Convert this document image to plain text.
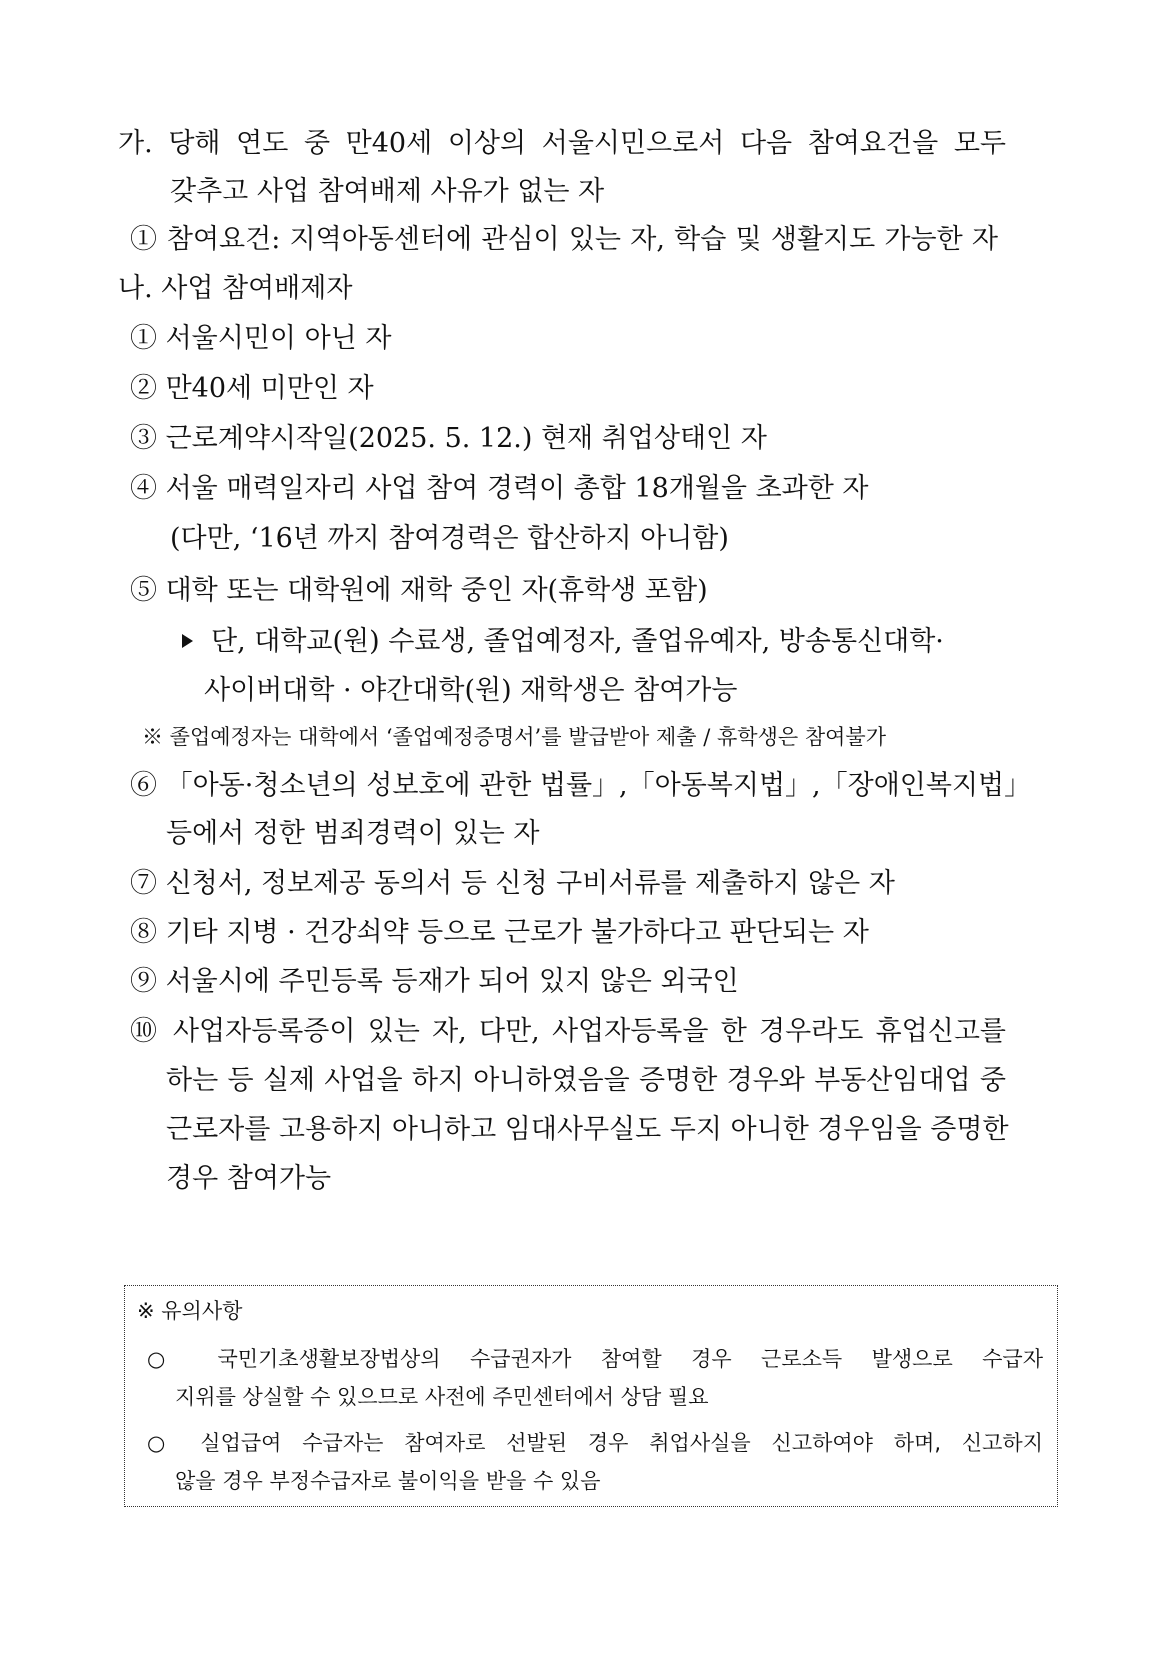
가. 당해 연도 중 만40세 이상의 서울시민으로서 다음 참여요건을 모두
갖추고 사업 참여배제 사유가 없는 자
① 참여요건: 지역아동센터에 관심이 있는 자, 학습 및 생활지도 가능한 자
나. 사업 참여배제자
① 서울시민이 아닌 자
② 만40세 미만인 자
③ 근로계약시작일(2025. 5. 12.) 현재 취업상태인 자
④ 서울 매력일자리 사업 참여 경력이 총합 18개월을 초과한 자
(다만, ‘16년 까지 참여경력은 합산하지 아니함)
⑤ 대학 또는 대학원에 재학 중인 자(휴학생 포함)
단, 대학교(원) 수료생, 졸업예정자, 졸업유예자, 방송통신대학·
사이버대학 · 야간대학(원) 재학생은 참여가능
※ 졸업예정자는 대학에서 ‘졸업예정증명서’를 발급받아 제출 / 휴학생은 참여불가
⑥ 「아동·청소년의 성보호에 관한 법률」,「아동복지법」,「장애인복지법」
등에서 정한 범죄경력이 있는 자
⑦ 신청서, 정보제공 동의서 등 신청 구비서류를 제출하지 않은 자
⑧ 기타 지병 · 건강쇠약 등으로 근로가 불가하다고 판단되는 자
⑨ 서울시에 주민등록 등재가 되어 있지 않은 외국인
⑩ 사업자등록증이 있는 자, 다만, 사업자등록을 한 경우라도 휴업신고를
하는 등 실제 사업을 하지 아니하였음을 증명한 경우와 부동산임대업 중
근로자를 고용하지 아니하고 임대사무실도 두지 아니한 경우임을 증명한
경우 참여가능
※ 유의사항
○ 국민기초생활보장법상의 수급권자가 참여할 경우 근로소득 발생으로 수급자
지위를 상실할 수 있으므로 사전에 주민센터에서 상담 필요
○ 실업급여 수급자는 참여자로 선발된 경우 취업사실을 신고하여야 하며, 신고하지
않을 경우 부정수급자로 불이익을 받을 수 있음
